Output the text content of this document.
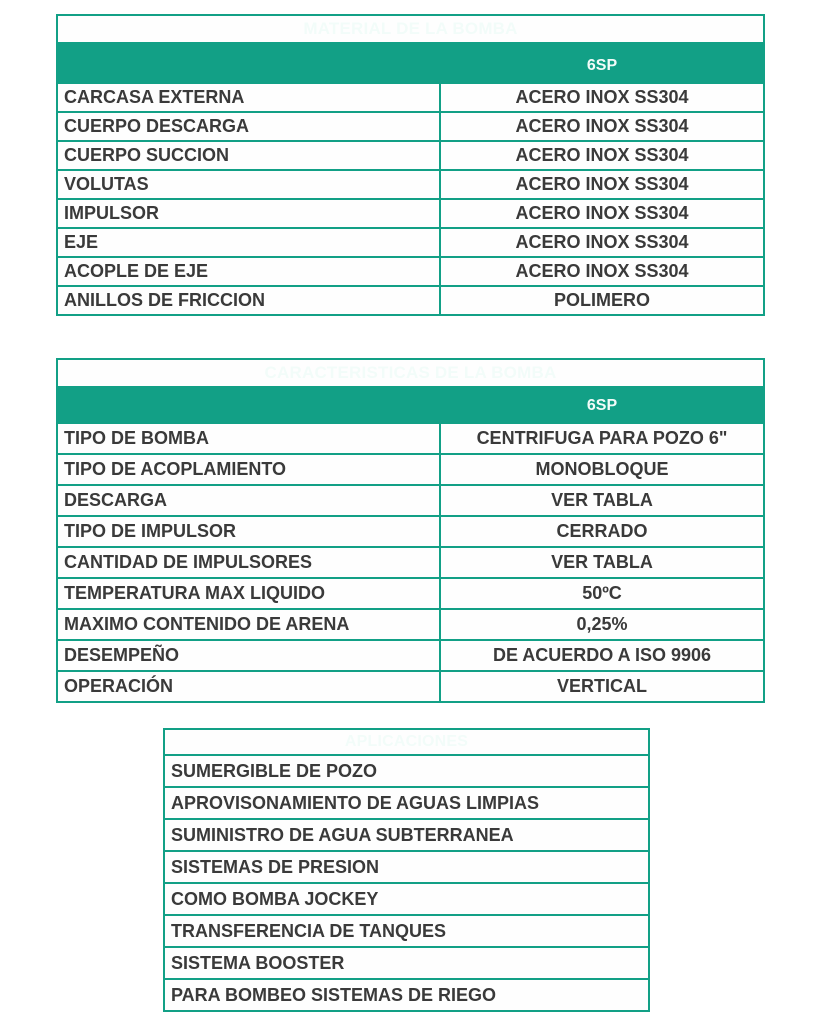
MATERIAL DE LA BOMBA	
	6SP
CARCASA EXTERNA	ACERO INOX SS304
CUERPO DESCARGA	ACERO INOX SS304
CUERPO SUCCION	ACERO INOX SS304
VOLUTAS	ACERO INOX SS304
IMPULSOR	ACERO INOX SS304
EJE	ACERO INOX SS304
ACOPLE DE EJE	ACERO INOX SS304
ANILLOS DE FRICCION	POLIMERO
CARACTERISTICAS DE LA BOMBA	
	6SP
TIPO DE BOMBA	CENTRIFUGA PARA POZO 6"
TIPO DE ACOPLAMIENTO	MONOBLOQUE
DESCARGA	VER TABLA
TIPO DE IMPULSOR	CERRADO
CANTIDAD DE IMPULSORES	VER TABLA
TEMPERATURA MAX LIQUIDO	50ºC
MAXIMO CONTENIDO DE ARENA	0,25%
DESEMPEÑO	DE ACUERDO A ISO 9906
OPERACIÓN	VERTICAL
APLICACIONES
SUMERGIBLE DE POZO
APROVISONAMIENTO DE AGUAS LIMPIAS
SUMINISTRO DE AGUA SUBTERRANEA
SISTEMAS DE PRESION
COMO BOMBA JOCKEY
TRANSFERENCIA DE TANQUES
SISTEMA BOOSTER
PARA BOMBEO SISTEMAS DE RIEGO
